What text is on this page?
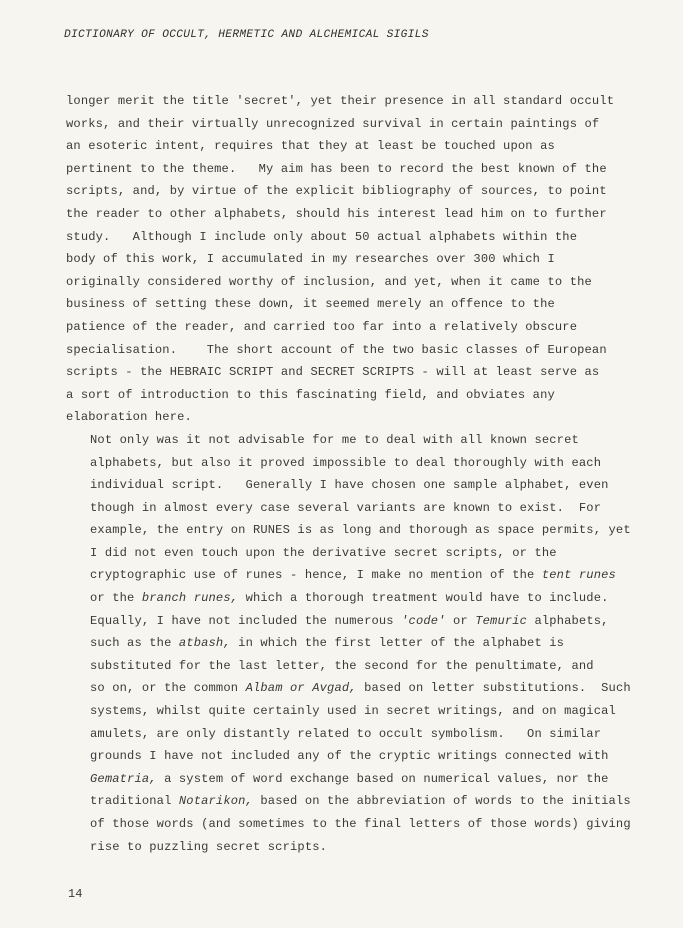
DICTIONARY OF OCCULT, HERMETIC AND ALCHEMICAL SIGILS
longer merit the title 'secret', yet their presence in all standard occult
works, and their virtually unrecognized survival in certain paintings of
an esoteric intent, requires that they at least be touched upon as
pertinent to the theme.   My aim has been to record the best known of the
scripts, and, by virtue of the explicit bibliography of sources, to point
the reader to other alphabets, should his interest lead him on to further
study.   Although I include only about 50 actual alphabets within the
body of this work, I accumulated in my researches over 300 which I
originally considered worthy of inclusion, and yet, when it came to the
business of setting these down, it seemed merely an offence to the
patience of the reader, and carried too far into a relatively obscure
specialisation.    The short account of the two basic classes of European
scripts - the HEBRAIC SCRIPT and SECRET SCRIPTS - will at least serve as
a sort of introduction to this fascinating field, and obviates any
elaboration here.
Not only was it not advisable for me to deal with all known secret
alphabets, but also it proved impossible to deal thoroughly with each
individual script.   Generally I have chosen one sample alphabet, even
though in almost every case several variants are known to exist.  For
example, the entry on RUNES is as long and thorough as space permits, yet
I did not even touch upon the derivative secret scripts, or the
cryptographic use of runes - hence, I make no mention of the tent runes
or the branch runes, which a thorough treatment would have to include.
Equally, I have not included the numerous 'code' or Temuric alphabets,
such as the atbash, in which the first letter of the alphabet is
substituted for the last letter, the second for the penultimate, and
so on, or the common Albam or Avgad, based on letter substitutions.  Such
systems, whilst quite certainly used in secret writings, and on magical
amulets, are only distantly related to occult symbolism.   On similar
grounds I have not included any of the cryptic writings connected with
Gematria, a system of word exchange based on numerical values, nor the
traditional Notarikon, based on the abbreviation of words to the initials
of those words (and sometimes to the final letters of those words) giving
rise to puzzling secret scripts.
14
